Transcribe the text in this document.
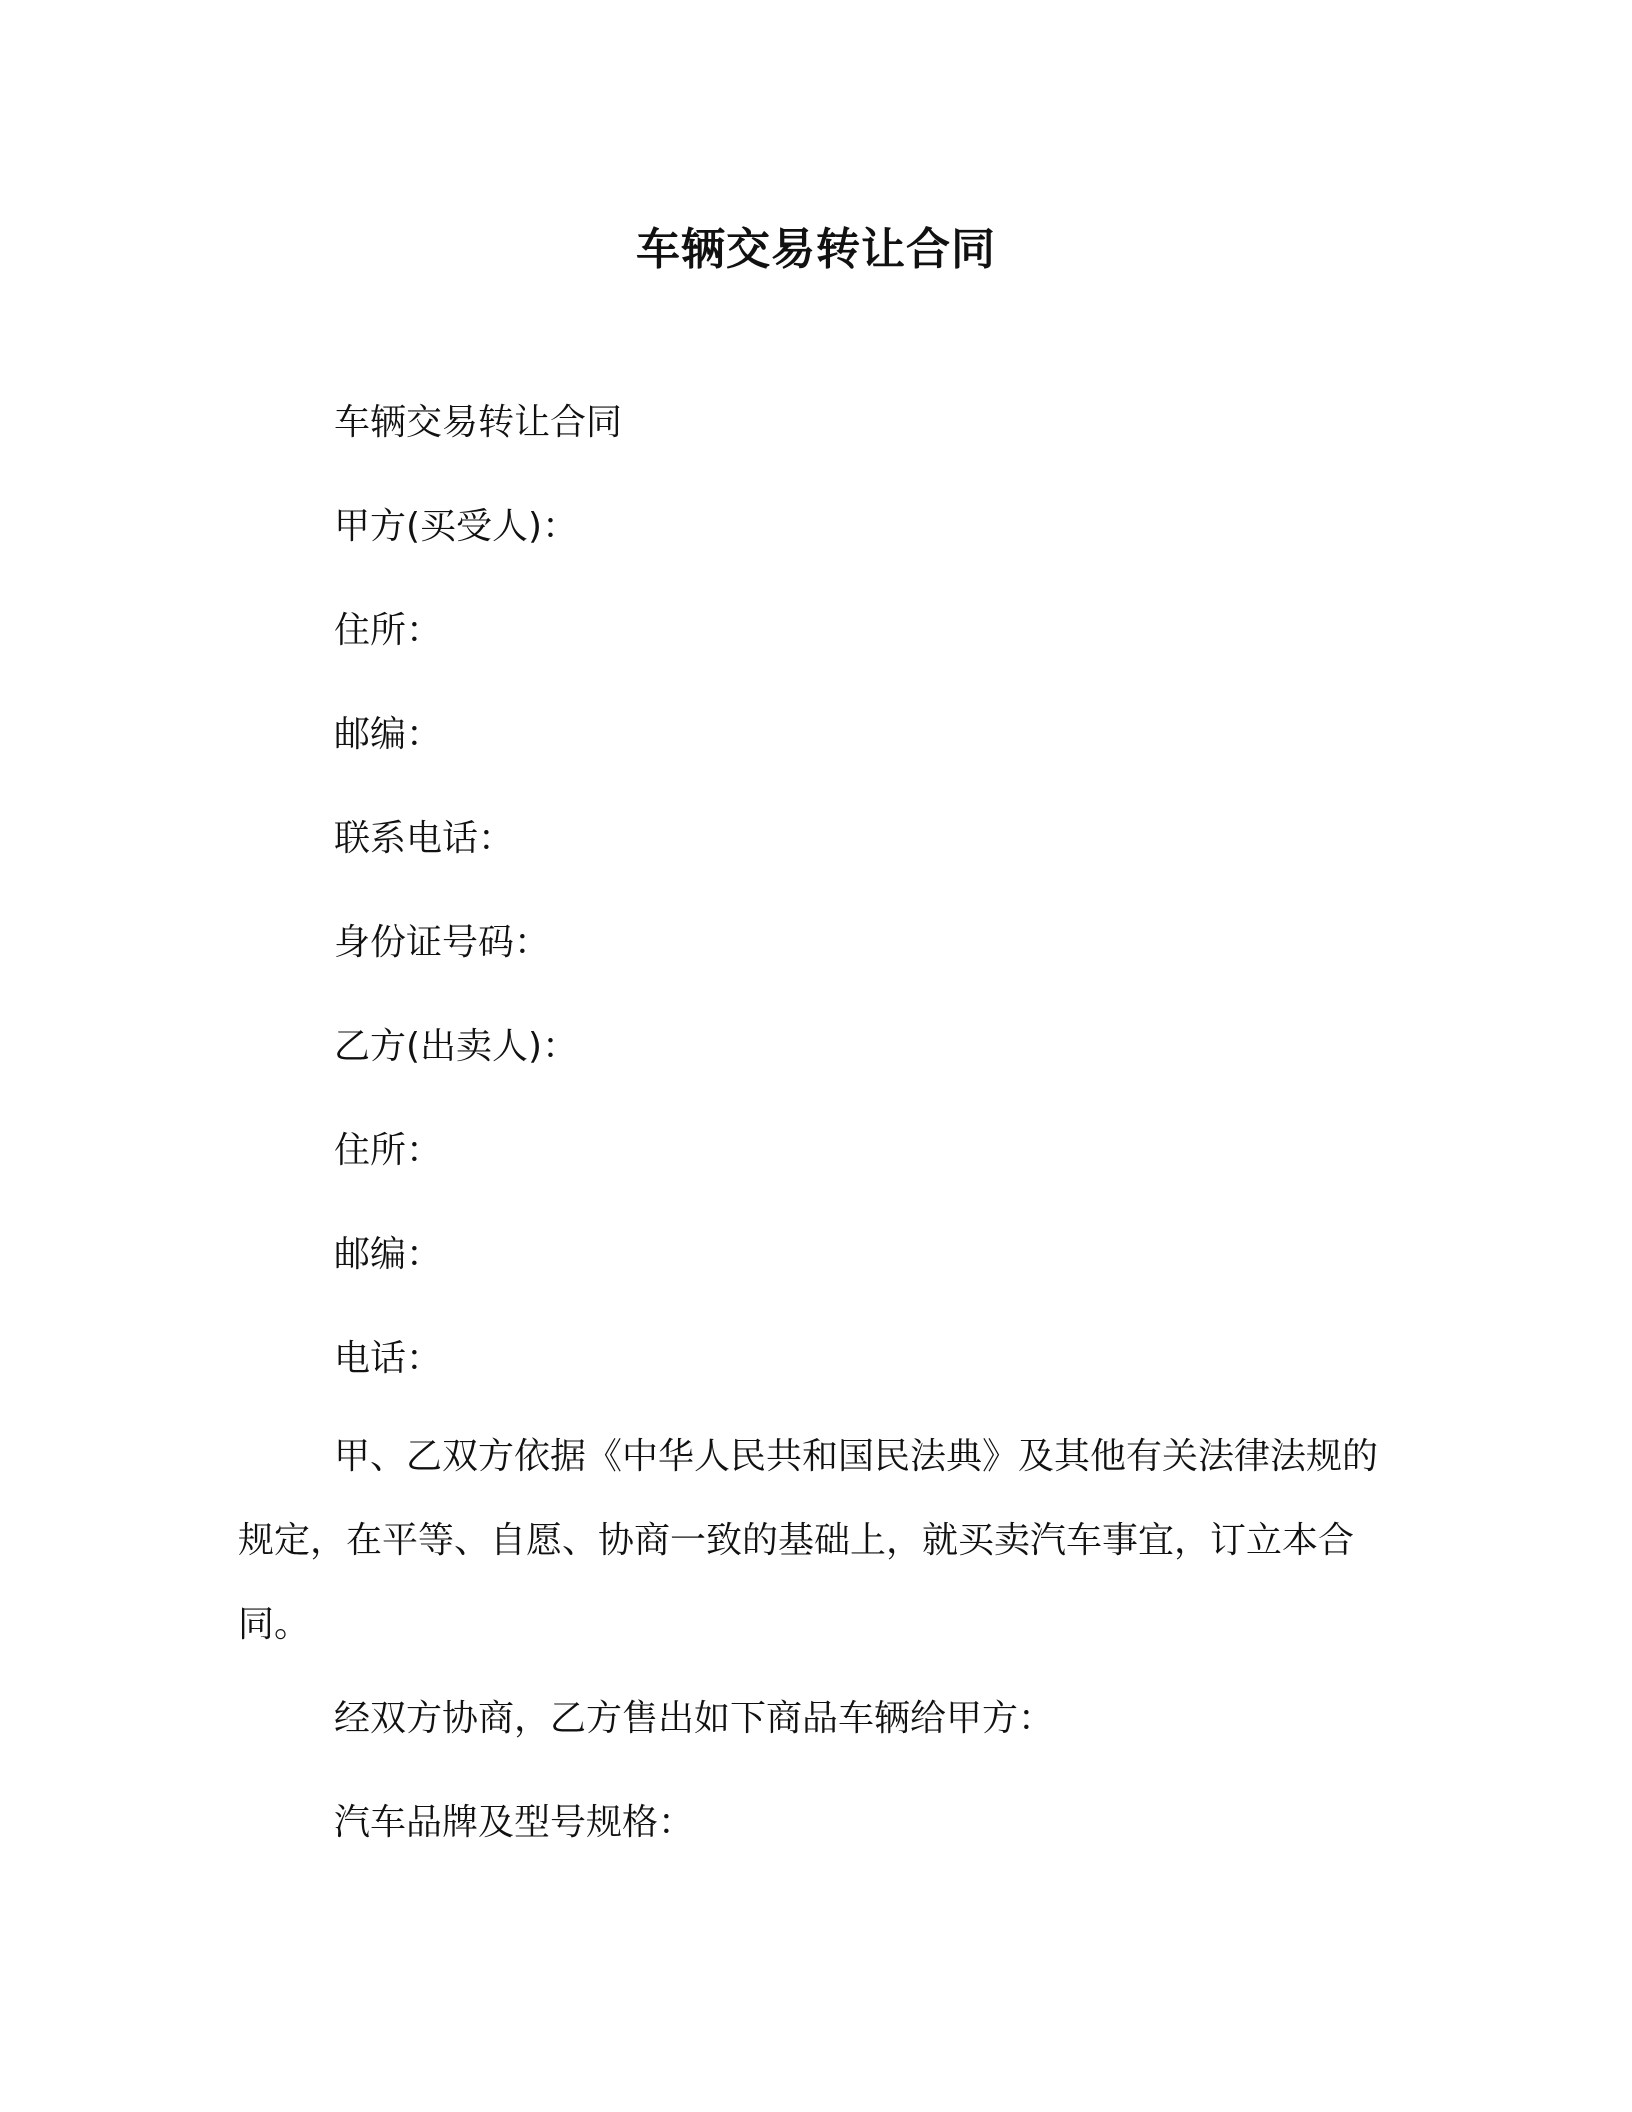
车辆交易转让合同

车辆交易转让合同

甲方(买受人)：

住所：

邮编：

联系电话：

身份证号码：

乙方(出卖人)：

住所：

邮编：

电话：

甲、乙双方依据《中华人民共和国民法典》及其他有关法律法规的规定，在平等、自愿、协商一致的基础上，就买卖汽车事宜，订立本合同。

经双方协商，乙方售出如下商品车辆给甲方：

汽车品牌及型号规格：
